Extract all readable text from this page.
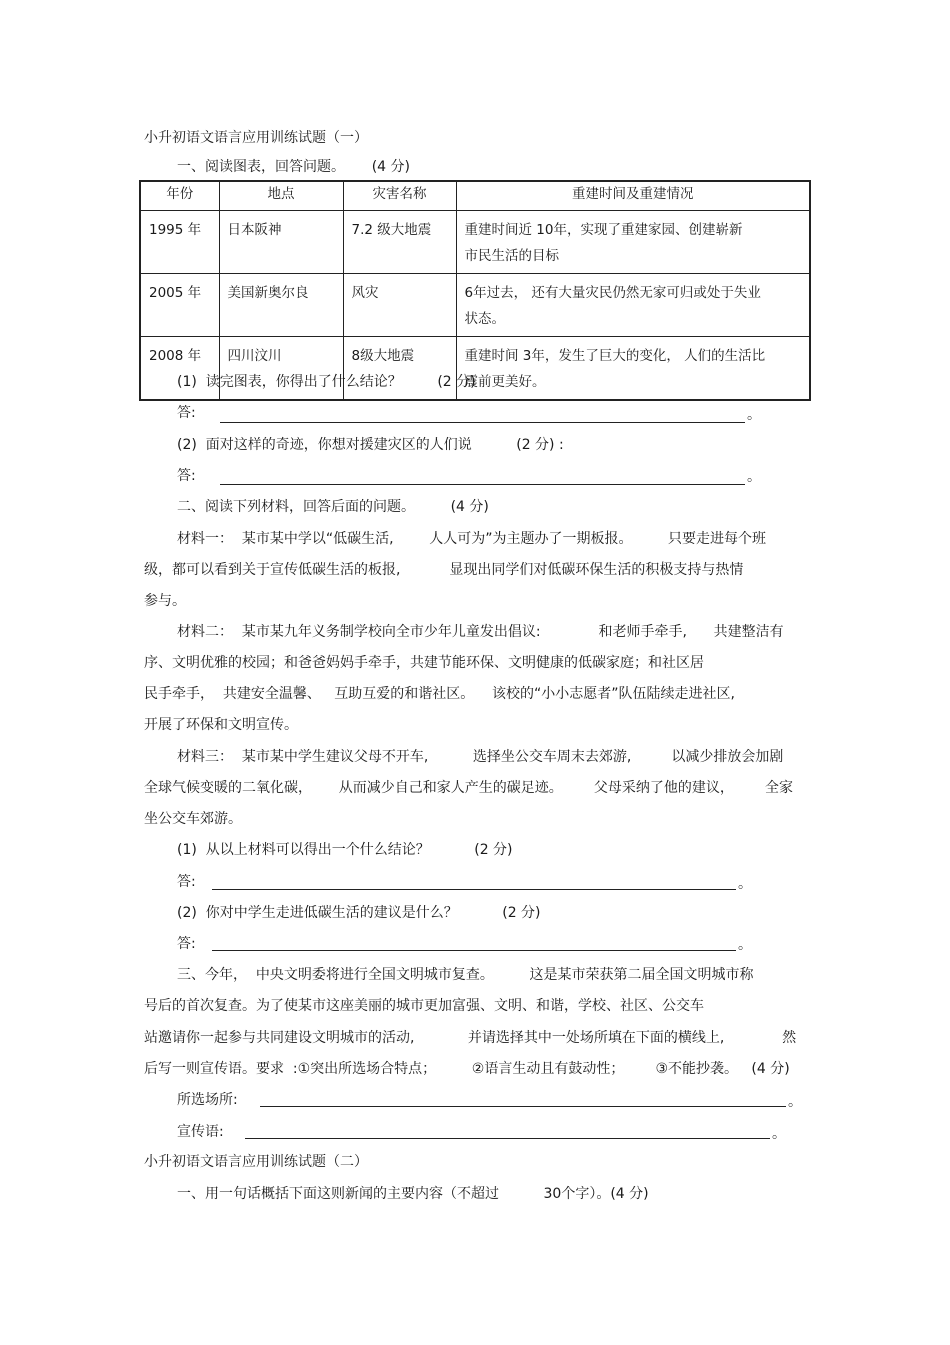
小升初语文语言应用训练试题（一）
一、阅读图表，回答问题。      (4 分)
年份	地点	灾害名称	重建时间及重建情况
1995 年	日本阪神	7.2 级大地震	重建时间近 10年，实现了重建家园、创建崭新
市民生活的目标
2005 年	美国新奥尔良	风灾	6年过去， 还有大量灾民仍然无家可归或处于失业
状态。
2008 年	四川汶川	8级大地震	重建时间 3年，发生了巨大的变化， 人们的生活比
震前更美好。
(1)  读完图表，你得出了什么结论？        (2 分)
答:	。
(2)  面对这样的奇迹，你想对援建灾区的人们说          (2 分) :
答:	。
二、阅读下列材料，回答后面的问题。        (4 分)
材料一：  某市某中学以“低碳生活,        人人可为”为主题办了一期板报。        只要走进每个班
级，都可以看到关于宣传低碳生活的板报,           显现出同学们对低碳环保生活的积极支持与热情
参与。
材料二：  某市某九年义务制学校向全市少年儿童发出倡议:             和老师手牵手,      共建整洁有
序、文明优雅的校园；和爸爸妈妈手牵手，共建节能环保、文明健康的低碳家庭；和社区居
民手牵手，  共建安全温馨、   互助互爱的和谐社区。    该校的“小小志愿者”队伍陆续走进社区,
开展了环保和文明宣传。
材料三：  某市某中学生建议父母不开车,          选择坐公交车周末去郊游,         以减少排放会加剧
全球气候变暖的二氧化碳，      从而减少自己和家人产生的碳足迹。       父母采纳了他的建议，       全家
坐公交车郊游。
(1)  从以上材料可以得出一个什么结论？          (2 分)
答:	。
(2)  你对中学生走进低碳生活的建议是什么？          (2 分)
答:	。
三、今年，  中央文明委将进行全国文明城市复查。        这是某市荣获第二届全国文明城市称
号后的首次复查。为了使某市这座美丽的城市更加富强、文明、和谐，学校、社区、公交车
站邀请你一起参与共同建设文明城市的活动,            并请选择其中一处场所填在下面的横线上,             然
后写一则宣传语。要求  :①突出所选场合特点；        ②语言生动且有鼓动性；       ③不能抄袭。   (4 分)
所选场所:	。
宣传语:	。
小升初语文语言应用训练试题（二）
一、用一句话概括下面这则新闻的主要内容（不超过          30个字）。(4 分)
